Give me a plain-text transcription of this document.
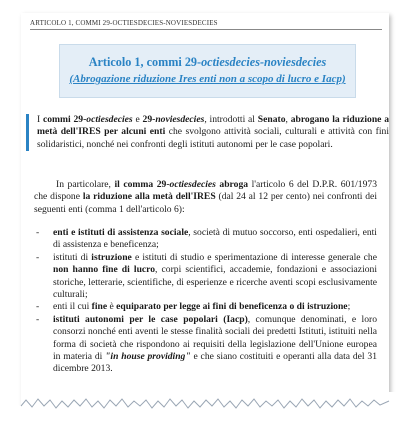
ARTICOLO 1, COMMI 29-OCTIESDECIES-NOVIESDECIES
Articolo 1, commi 29-octiesdecies-noviesdecies
(Abrogazione riduzione Ires enti non a scopo di lucro e Iacp)
I commi 29-octiesdecies e 29-noviesdecies, introdotti al Senato, abrogano la riduzione a metà dell'IRES per alcuni enti che svolgono attività sociali, culturali e attività con fini solidaristici, nonché nei confronti degli istituti autonomi per le case popolari.
In particolare, il comma 29-octiesdecies abroga l'articolo 6 del D.P.R. 601/1973 che dispone la riduzione alla metà dell'IRES (dal 24 al 12 per cento) nei confronti dei seguenti enti (comma 1 dell'articolo 6):
- enti e istituti di assistenza sociale, società di mutuo soccorso, enti ospedalieri, enti di assistenza e beneficenza;
- istituti di istruzione e istituti di studio e sperimentazione di interesse generale che non hanno fine di lucro, corpi scientifici, accademie, fondazioni e associazioni storiche, letterarie, scientifiche, di esperienze e ricerche aventi scopi esclusivamente culturali;
- enti il cui fine è equiparato per legge ai fini di beneficenza o di istruzione;
- istituti autonomi per le case popolari (Iacp), comunque denominati, e loro consorzi nonché enti aventi le stesse finalità sociali dei predetti Istituti, istituiti nella forma di società che rispondono ai requisiti della legislazione dell'Unione europea in materia di "in house providing" e che siano costituiti e operanti alla data del 31 dicembre 2013.
